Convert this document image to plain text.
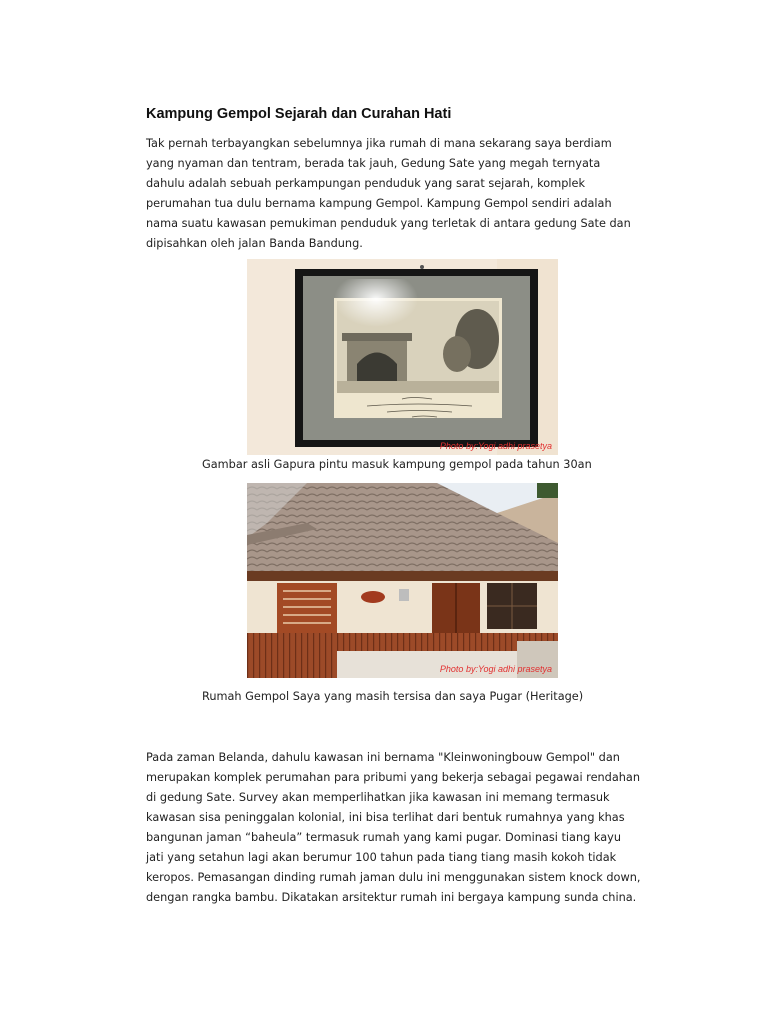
Kampung Gempol Sejarah dan Curahan Hati
Tak pernah terbayangkan sebelumnya jika rumah di mana sekarang saya berdiam
yang nyaman dan tentram, berada tak jauh, Gedung Sate yang megah ternyata
dahulu adalah sebuah perkampungan penduduk yang sarat sejarah, komplek
perumahan tua dulu bernama kampung Gempol. Kampung Gempol sendiri adalah
nama suatu kawasan pemukiman penduduk yang terletak di antara gedung Sate dan
dipisahkan oleh jalan Banda Bandung.
Photo by:Yogi adhi prasetya
Gambar asli Gapura pintu masuk kampung gempol pada tahun 30an
Photo by:Yogi adhi prasetya
Rumah Gempol Saya yang masih tersisa dan saya Pugar (Heritage)
Pada zaman Belanda, dahulu kawasan ini bernama "Kleinwoningbouw Gempol" dan
merupakan komplek perumahan para pribumi yang bekerja sebagai pegawai rendahan
di gedung Sate. Survey akan memperlihatkan jika kawasan ini memang termasuk
kawasan sisa peninggalan kolonial, ini bisa terlihat dari bentuk rumahnya yang khas
bangunan jaman “baheula” termasuk rumah yang kami pugar. Dominasi tiang kayu
jati yang setahun lagi akan berumur 100 tahun pada tiang tiang masih kokoh tidak
keropos. Pemasangan dinding rumah jaman dulu ini menggunakan sistem knock down,
dengan rangka bambu. Dikatakan arsitektur rumah ini bergaya kampung sunda china.
